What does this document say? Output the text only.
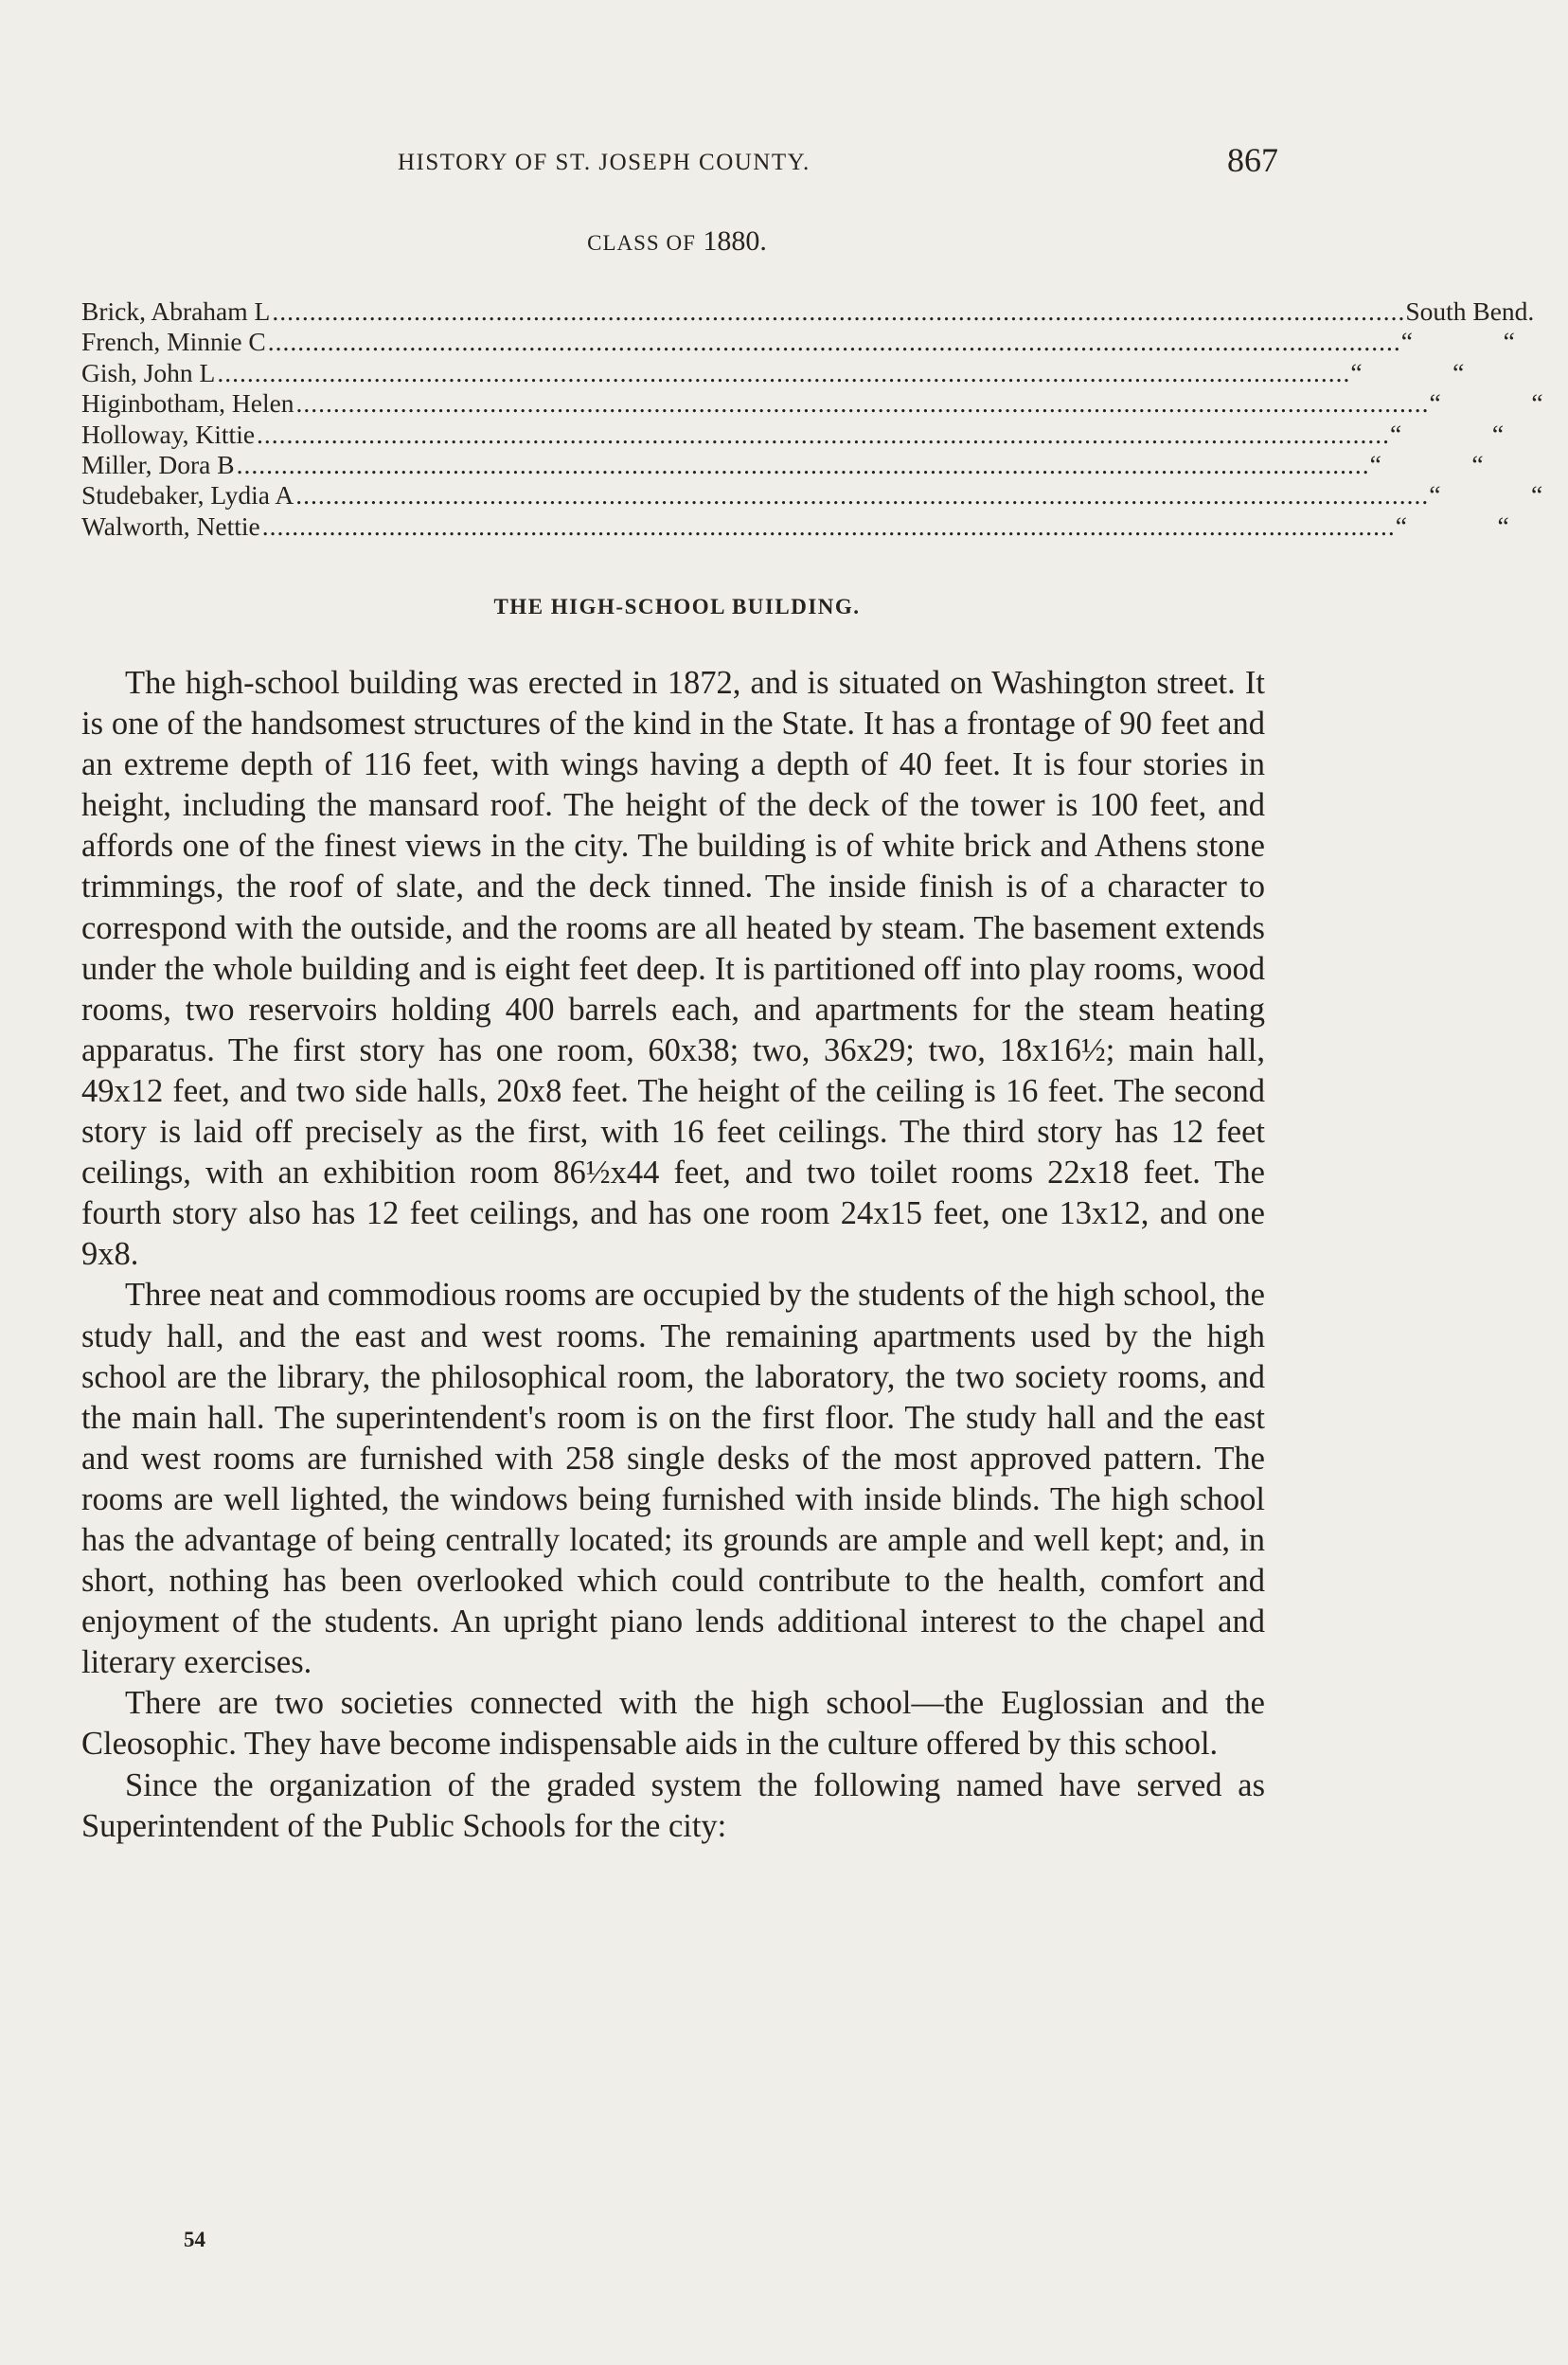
HISTORY OF ST. JOSEPH COUNTY.	867
CLASS OF 1880.
Brick, Abraham L ........................................................................................................................................................ South Bend.
French, Minnie C ........................................................................................................................................................ “	“
Gish, John L ........................................................................................................................................................ “	“
Higinbotham, Helen ........................................................................................................................................................ “	“
Holloway, Kittie ........................................................................................................................................................ “	“
Miller, Dora B ........................................................................................................................................................ “	“
Studebaker, Lydia A ........................................................................................................................................................ “	“
Walworth, Nettie ........................................................................................................................................................ “	“
THE HIGH-SCHOOL BUILDING.

The high-school building was erected in 1872, and is situated on Washington street. It is one of the handsomest structures of the kind in the State. It has a frontage of 90 feet and an extreme depth of 116 feet, with wings having a depth of 40 feet. It is four stories in height, including the mansard roof. The height of the deck of the tower is 100 feet, and affords one of the finest views in the city. The building is of white brick and Athens stone trimmings, the roof of slate, and the deck tinned. The inside finish is of a character to correspond with the outside, and the rooms are all heated by steam. The basement extends under the whole building and is eight feet deep. It is partitioned off into play rooms, wood rooms, two reservoirs holding 400 barrels each, and apartments for the steam heating apparatus. The first story has one room, 60x38; two, 36x29; two, 18x16½; main hall, 49x12 feet, and two side halls, 20x8 feet. The height of the ceiling is 16 feet. The second story is laid off precisely as the first, with 16 feet ceilings. The third story has 12 feet ceilings, with an exhibition room 86½x44 feet, and two toilet rooms 22x18 feet. The fourth story also has 12 feet ceilings, and has one room 24x15 feet, one 13x12, and one 9x8.

Three neat and commodious rooms are occupied by the students of the high school, the study hall, and the east and west rooms. The remaining apartments used by the high school are the library, the philosophical room, the laboratory, the two society rooms, and the main hall. The superintendent's room is on the first floor. The study hall and the east and west rooms are furnished with 258 single desks of the most approved pattern. The rooms are well lighted, the windows being furnished with inside blinds. The high school has the advantage of being centrally located; its grounds are ample and well kept; and, in short, nothing has been overlooked which could contribute to the health, comfort and enjoyment of the students. An upright piano lends additional interest to the chapel and literary exercises.

There are two societies connected with the high school—the Euglossian and the Cleosophic. They have become indispensable aids in the culture offered by this school.

Since the organization of the graded system the following named have served as Superintendent of the Public Schools for the city:

54
